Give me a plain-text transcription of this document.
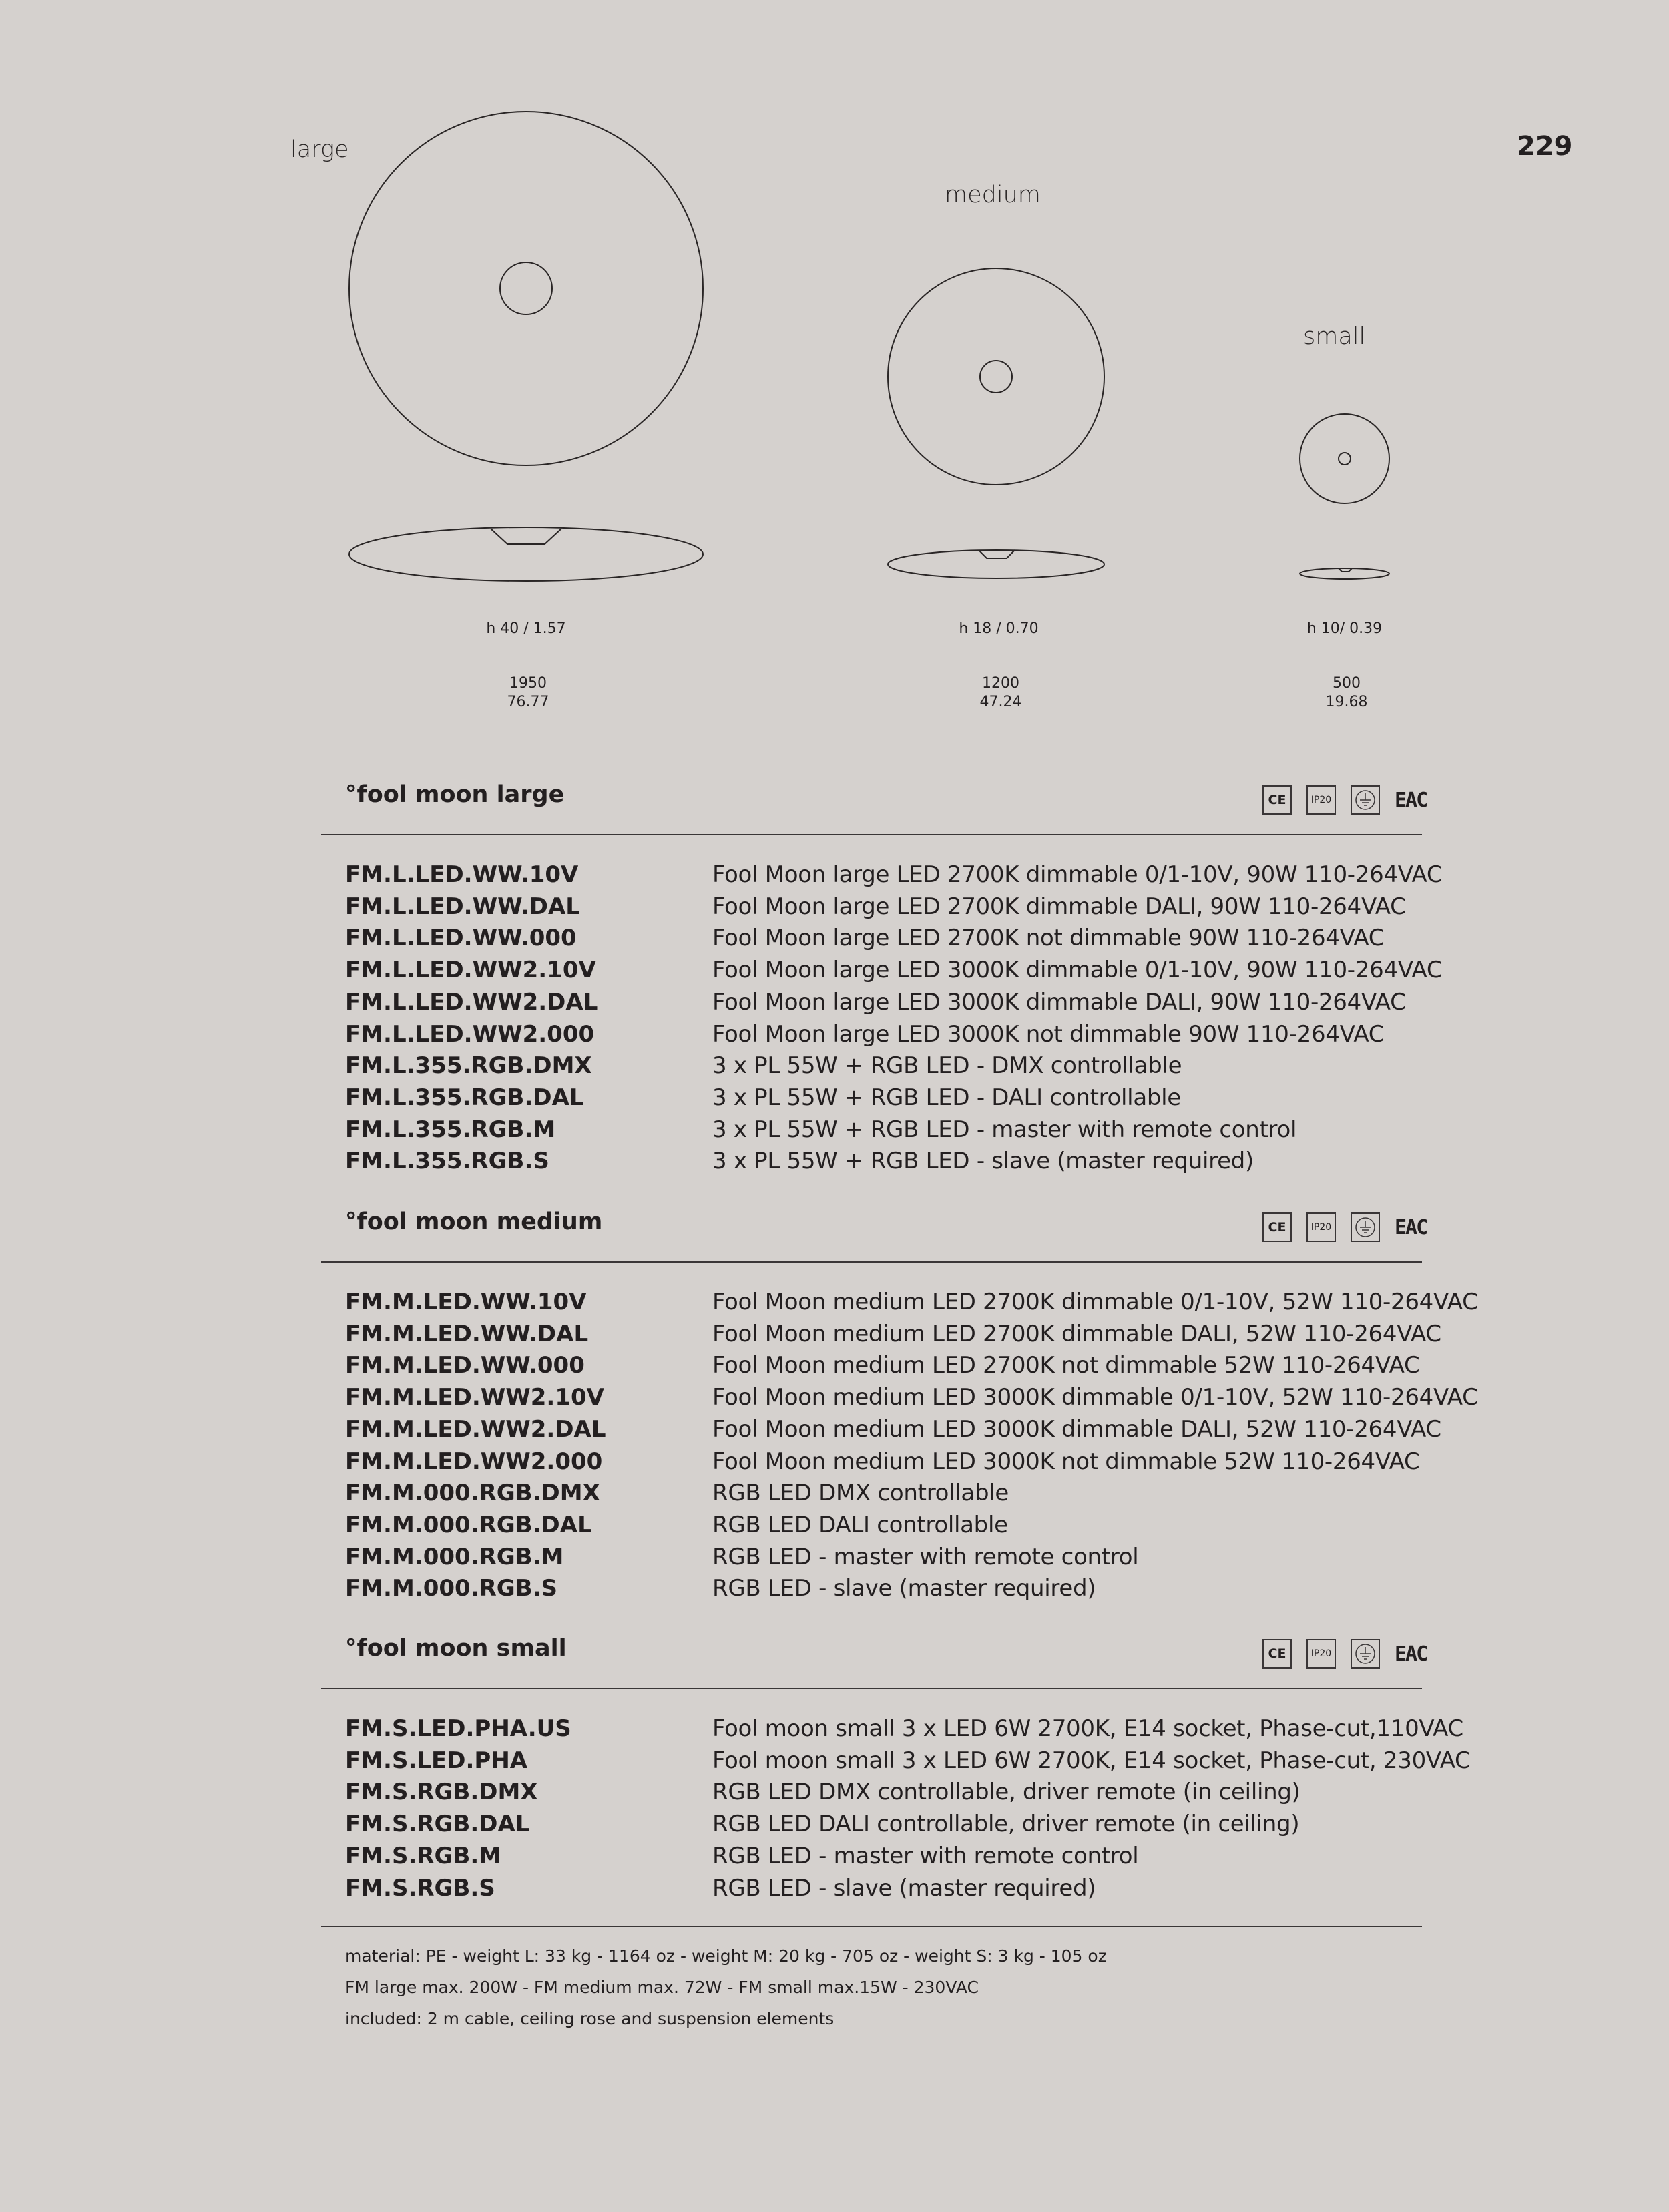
229
large
medium
small
h 40 / 1.57	h 18 / 0.70	h 10/ 0.39
1950
76.77
1200
47.24
500
19.68
°fool moon large	CE	IP20	EAC
FM.L.LED.WW.10V	Fool Moon large LED 2700K dimmable 0/1-10V, 90W 110-264VAC
FM.L.LED.WW.DAL	Fool Moon large LED 2700K dimmable DALI, 90W 110-264VAC
FM.L.LED.WW.000	Fool Moon large LED 2700K not dimmable 90W 110-264VAC
FM.L.LED.WW2.10V	Fool Moon large LED 3000K dimmable 0/1-10V, 90W 110-264VAC
FM.L.LED.WW2.DAL	Fool Moon large LED 3000K dimmable DALI, 90W 110-264VAC
FM.L.LED.WW2.000	Fool Moon large LED 3000K not dimmable 90W 110-264VAC
FM.L.355.RGB.DMX	3 x PL 55W + RGB LED - DMX controllable
FM.L.355.RGB.DAL	3 x PL 55W + RGB LED - DALI controllable
FM.L.355.RGB.M	3 x PL 55W + RGB LED - master with remote control
FM.L.355.RGB.S	3 x PL 55W + RGB LED - slave (master required)
°fool moon medium	CE	IP20	EAC
FM.M.LED.WW.10V	Fool Moon medium LED 2700K dimmable 0/1-10V, 52W 110-264VAC
FM.M.LED.WW.DAL	Fool Moon medium LED 2700K dimmable DALI, 52W 110-264VAC
FM.M.LED.WW.000	Fool Moon medium LED 2700K not dimmable 52W 110-264VAC
FM.M.LED.WW2.10V	Fool Moon medium LED 3000K dimmable 0/1-10V, 52W 110-264VAC
FM.M.LED.WW2.DAL	Fool Moon medium LED 3000K dimmable DALI, 52W 110-264VAC
FM.M.LED.WW2.000	Fool Moon medium LED 3000K not dimmable 52W 110-264VAC
FM.M.000.RGB.DMX	RGB LED DMX controllable
FM.M.000.RGB.DAL	RGB LED DALI controllable
FM.M.000.RGB.M	RGB LED - master with remote control
FM.M.000.RGB.S	RGB LED - slave (master required)
°fool moon small	CE	IP20	EAC
FM.S.LED.PHA.US	Fool moon small 3 x LED 6W 2700K, E14 socket, Phase-cut,110VAC
FM.S.LED.PHA	Fool moon small 3 x LED 6W 2700K, E14 socket, Phase-cut, 230VAC
FM.S.RGB.DMX	RGB LED DMX controllable, driver remote (in ceiling)
FM.S.RGB.DAL	RGB LED DALI controllable, driver remote (in ceiling)
FM.S.RGB.M	RGB LED - master with remote control
FM.S.RGB.S	RGB LED - slave (master required)
material: PE - weight L: 33 kg - 1164 oz - weight M: 20 kg - 705 oz - weight S: 3 kg - 105 oz
FM large max. 200W - FM medium max. 72W - FM small max.15W - 230VAC
included: 2 m cable, ceiling rose and suspension elements
